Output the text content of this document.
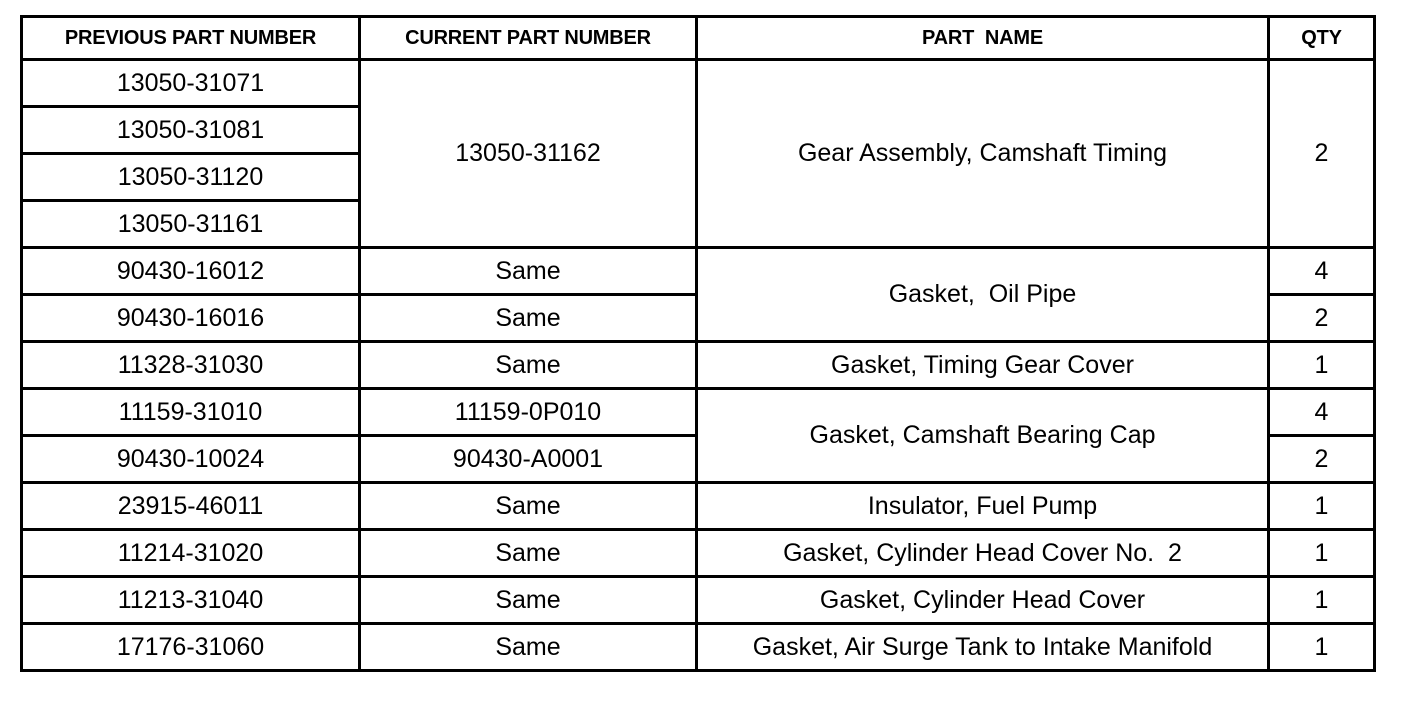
PREVIOUS PART NUMBER	CURRENT PART NUMBER	PART  NAME	QTY
13050-31071	13050-31162	Gear Assembly, Camshaft Timing	2
13050-31081			
13050-31120			
13050-31161			
90430-16012	Same	Gasket,  Oil Pipe	4
90430-16016	Same		2
11328-31030	Same	Gasket, Timing Gear Cover	1
11159-31010	11159-0P010	Gasket, Camshaft Bearing Cap	4
90430-10024	90430-A0001		2
23915-46011	Same	Insulator, Fuel Pump	1
11214-31020	Same	Gasket, Cylinder Head Cover No.  2	1
11213-31040	Same	Gasket, Cylinder Head Cover	1
17176-31060	Same	Gasket, Air Surge Tank to Intake Manifold	1
